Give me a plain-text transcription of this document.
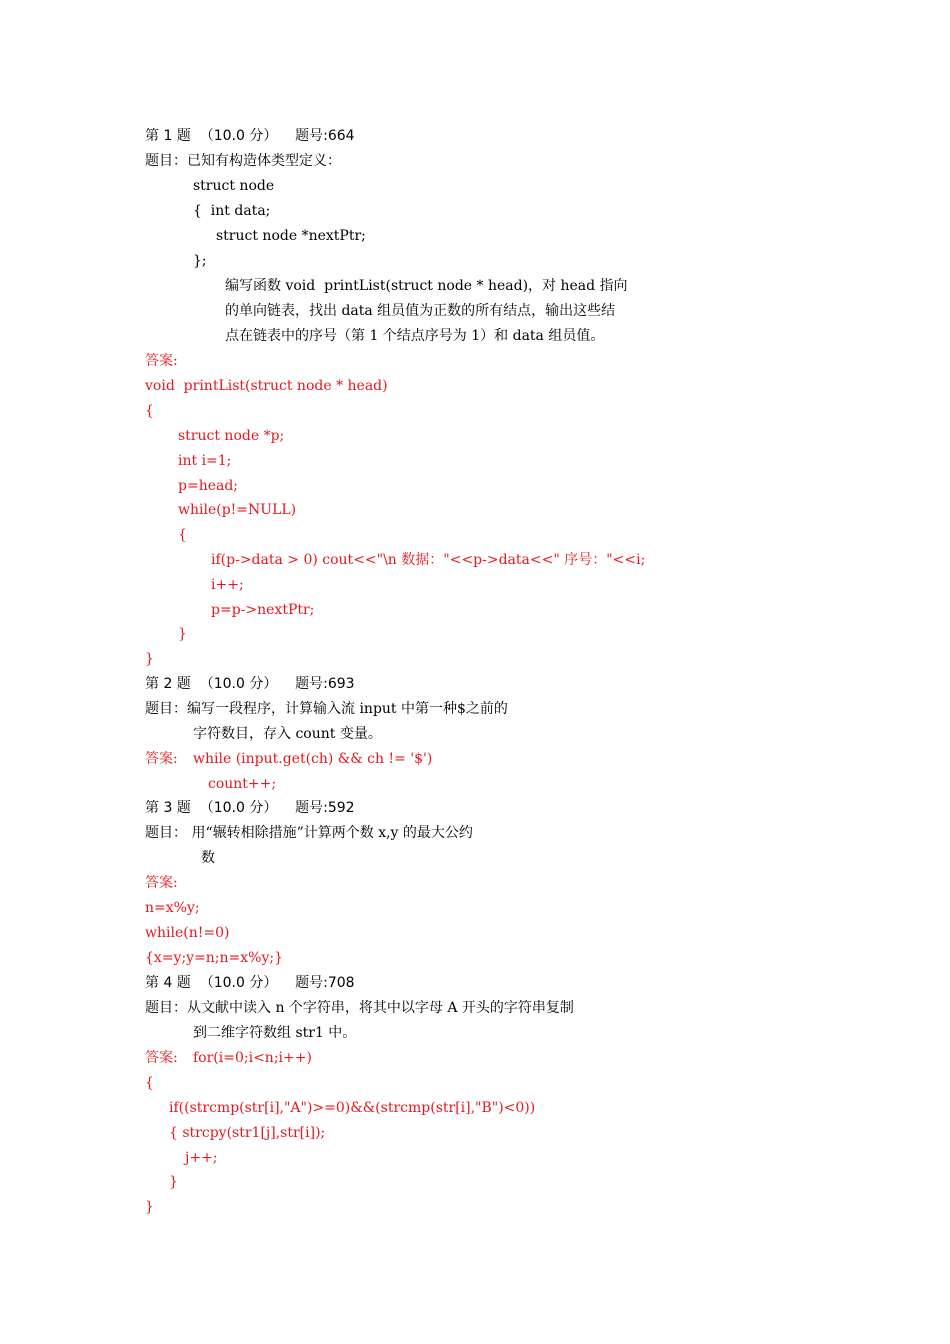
第 1 题  （10.0 分）    题号:664
题目：已知有构造体类型定义：
struct node
{  int data;
struct node *nextPtr;
};
编写函数 void  printList(struct node * head)，对 head 指向
的单向链表，找出 data 组员值为正数的所有结点，输出这些结
点在链表中的序号（第 1 个结点序号为 1）和 data 组员值。
答案:
void  printList(struct node * head)
{
struct node *p;
int i=1;
p=head;
while(p!=NULL)
{
if(p->data > 0) cout<<"\n 数据："<<p->data<<" 序号："<<i;
i++;
p=p->nextPtr;
}
}
第 2 题  （10.0 分）    题号:693
题目：编写一段程序，计算输入流 input 中第一种$之前的
字符数目，存入 count 变量。
答案: while (input.get(ch) && ch != '$')
count++;
第 3 题  （10.0 分）    题号:592
题目： 用“辗转相除措施”计算两个数 x,y 的最大公约
数
答案:
n=x%y;
while(n!=0)
{x=y;y=n;n=x%y;}
第 4 题  （10.0 分）    题号:708
题目：从文献中读入 n 个字符串，将其中以字母 A 开头的字符串复制
到二维字符数组 str1 中。
答案: for(i=0;i<n;i++)
{
if((strcmp(str[i],"A")>=0)&&(strcmp(str[i],"B")<0))
{ strcpy(str1[j],str[i]);
j++;
}
}
